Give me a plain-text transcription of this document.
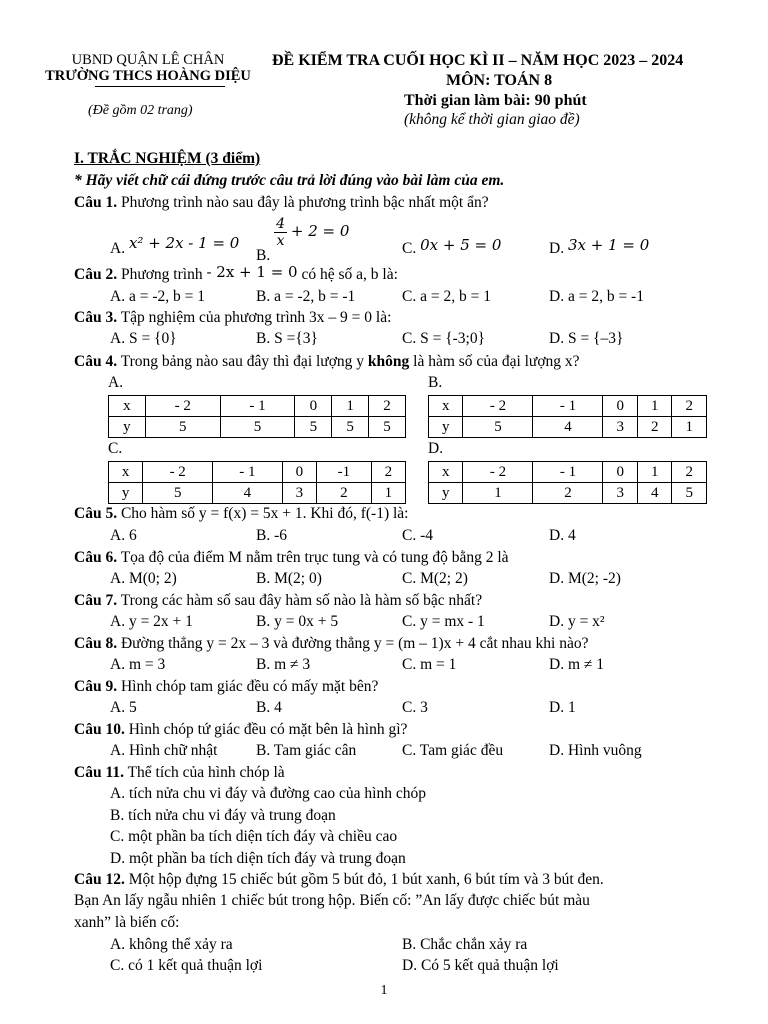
UBND QUẬN LÊ CHÂN
TRƯỜNG THCS HOÀNG DIỆU
(Đề gồm 02 trang)
ĐỀ KIỂM TRA CUỐI HỌC KÌ II – NĂM HỌC 2023 – 2024
MÔN: TOÁN 8
Thời gian làm bài: 90 phút
(không kể thời gian giao đề)
I. TRẮC NGHIỆM (3 điểm)
* Hãy viết chữ cái đứng trước câu trả lời đúng vào bài làm của em.
Câu 1. Phương trình nào sau đây là phương trình bậc nhất một ẩn?
A. x² + 2x - 1 = 0
B.
$\frac{4}{x} + 2 = 0$
C. 0x + 5 = 0	D. 3x + 1 = 0
Câu 2. Phương trình - 2x + 1 = 0 có hệ số a, b là:
A. a = -2, b = 1	B. a = -2, b = -1	C. a = 2, b = 1	D. a = 2, b = -1
Câu 3. Tập nghiệm của phương trình 3x – 9 = 0 là:
A. S = {0}	B. S ={3}	C. S = {-3;0}	D. S = {–3}
Câu 4. Trong bảng nào sau đây thì đại lượng y không là hàm số của đại lượng x?
A.	B.
C.	D.
x	- 2	- 1	0	1	2
y	5	5	5	5	5
x	- 2	- 1	0	1	2
y	5	4	3	2	1
x	- 2	- 1	0	-1	2
y	5	4	3	2	1
x	- 2	- 1	0	1	2
y	1	2	3	4	5
Câu 5. Cho hàm số y = f(x) = 5x + 1. Khi đó, f(-1) là:
A. 6	B. -6	C. -4	D. 4
Câu 6. Tọa độ của điểm M nằm trên trục tung và có tung độ bằng 2 là
A. M(0; 2)	B. M(2; 0)	C. M(2; 2)	D. M(2; -2)
Câu 7. Trong các hàm số sau đây hàm số nào là hàm số bậc nhất?
A. y = 2x + 1	B. y = 0x + 5	C. y = mx - 1	D. y = x²
Câu 8. Đường thẳng y = 2x – 3 và đường thẳng y = (m – 1)x + 4 cắt nhau khi nào?
A. m = 3	B. m ≠ 3	C. m = 1	D. m ≠ 1
Câu 9. Hình chóp tam giác đều có mấy mặt bên?
A. 5	B. 4	C. 3	D. 1
Câu 10. Hình chóp tứ giác đều có mặt bên là hình gì?
A. Hình chữ nhật B. Tam giác cân	C. Tam giác đều	D. Hình vuông
Câu 11. Thể tích của hình chóp là
A. tích nửa chu vi đáy và đường cao của hình chóp
B. tích nửa chu vi đáy và trung đoạn
C. một phần ba tích diện tích đáy và chiều cao
D. một phần ba tích diện tích đáy và trung đoạn
Câu 12. Một hộp đựng 15 chiếc bút gồm 5 bút đỏ, 1 bút xanh, 6 bút tím và 3 bút đen.
Bạn An lấy ngẫu nhiên 1 chiếc bút trong hộp. Biến cố: ”An lấy được chiếc bút màu
xanh” là biến cố:
A. không thể xảy ra	B. Chắc chắn xảy ra
C. có 1 kết quả thuận lợi	D. Có 5 kết quả thuận lợi
1
